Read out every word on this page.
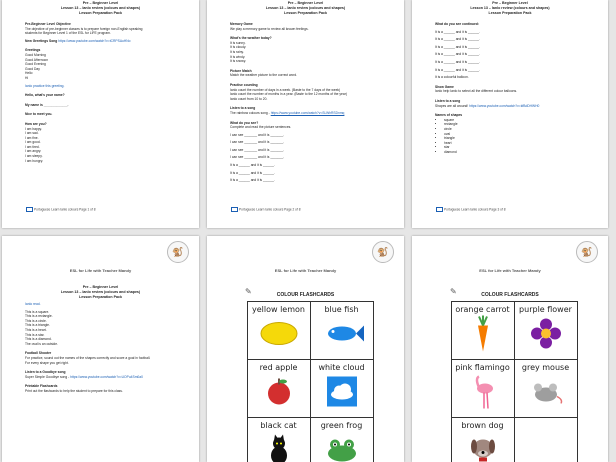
Pre – Beginner Level
Lesson 13 – Ianlo review (colours and shapes)
Lesson Preparation Pack
Pre-Beginner Level Objective
The objective of pre-beginner classes is to prepare foreign non-English speaking
students for Beginner Level 1 of the ESL for LIFE program.
New Greetings Song https://www.youtube.com/watch?v=tCRPSAuHNo
Greetings
Good Morning
Good Afternoon
Good Evening
Good Day
Hello
Hi
Ianlo practice this greeting.
Hello, what's your name?
My name is _____________.
Nice to meet you.
How are you?
I am happy.
I am sad.
I am fine.
I am good.
I am tired.
I am angry.
I am sleepy.
I am hungry.
Portuguese Learn Ianlo colours Page 1 of 8
Pre – Beginner Level
Lesson 13 – Ianlo review (colours and shapes)
Lesson Preparation Pack
Memory Game
We play a memory game to review all known feelings.
What's the weather today?
It is sunny.
It is cloudy.
It is rainy.
It is windy.
It is snowy.
Picture Match
Match the weather picture to the correct word.
Practise counting
Ianlo count the number of days in a week. (Baste to the 7 days of the week)
Ianlo count the number of months in a year. (Baste to the 12 months of the year)
Ianlo count from 10 to 20.
Listen to a song
The rainbow colours song - https://www.youtube.com/watch?v=SLWhRSDnmq
What do you see?
Complete and read the picture sentences.
I can see _______ and it is _______.
I can see _______ and it is _______.
I can see _______ and it is _______.
I can see _______ and it is _______.
It is a ______ and it is ______.
It is a ______ and it is ______.
It is a ______ and it is ______.
Portuguese Learn Ianlo colours Page 2 of 8
Pre – Beginner Level
Lesson 13 – Ianlo review (colours and shapes)
Lesson Preparation Pack
What do you see continued:
It is a ______ and it is ______.
It is a ______ and it is ______.
It is a ______ and it is ______.
It is a ______ and it is ______.
It is a ______ and it is ______.
It is a ______ and it is ______.
It is a colourful balloon.
Show Game
Ianlo help Ianlo to select all the different colour balloons.
Listen to a song
Shapes are all around! https://www.youtube.com/watch?v=kfBdDHWH0
Names of shapes
• square
• rectangle
• circle
• oval
• triangle
• heart
• star
• diamond
Portuguese Learn Ianlo colours Page 3 of 8
🐒
ESL for Life with Teacher Mandy
Pre – Beginner Level
Lesson 13 – Ianlo review (colours and shapes)
Lesson Preparation Pack
Ianlo read.
This is a square.
This is a rectangle.
This is a circle.
This is a triangle.
This is a heart.
This is a star.
This is a diamond.
The oval is an outside.
Football Shooter
For practice, sound out the names of the shapes correctly and score a goal in football.
For every shape you get right.
Listen to a Goodbye song
Super Simple Goodbye song - https://www.youtube.com/watch?v=UOPu4Sm0a0
Printable Flashcards
Print out the flashcards to help the student to prepare for this class.
🐒
ESL for Life with Teacher Mandy
✎	COLOUR FLASHCARDS
yellow lemon	blue fish
red apple	white cloud
black cat	green frog
🐒
ESL for Life with Teacher Mandy
✎	COLOUR FLASHCARDS
orange carrot	purple flower
pink flamingo	grey mouse
brown dog
